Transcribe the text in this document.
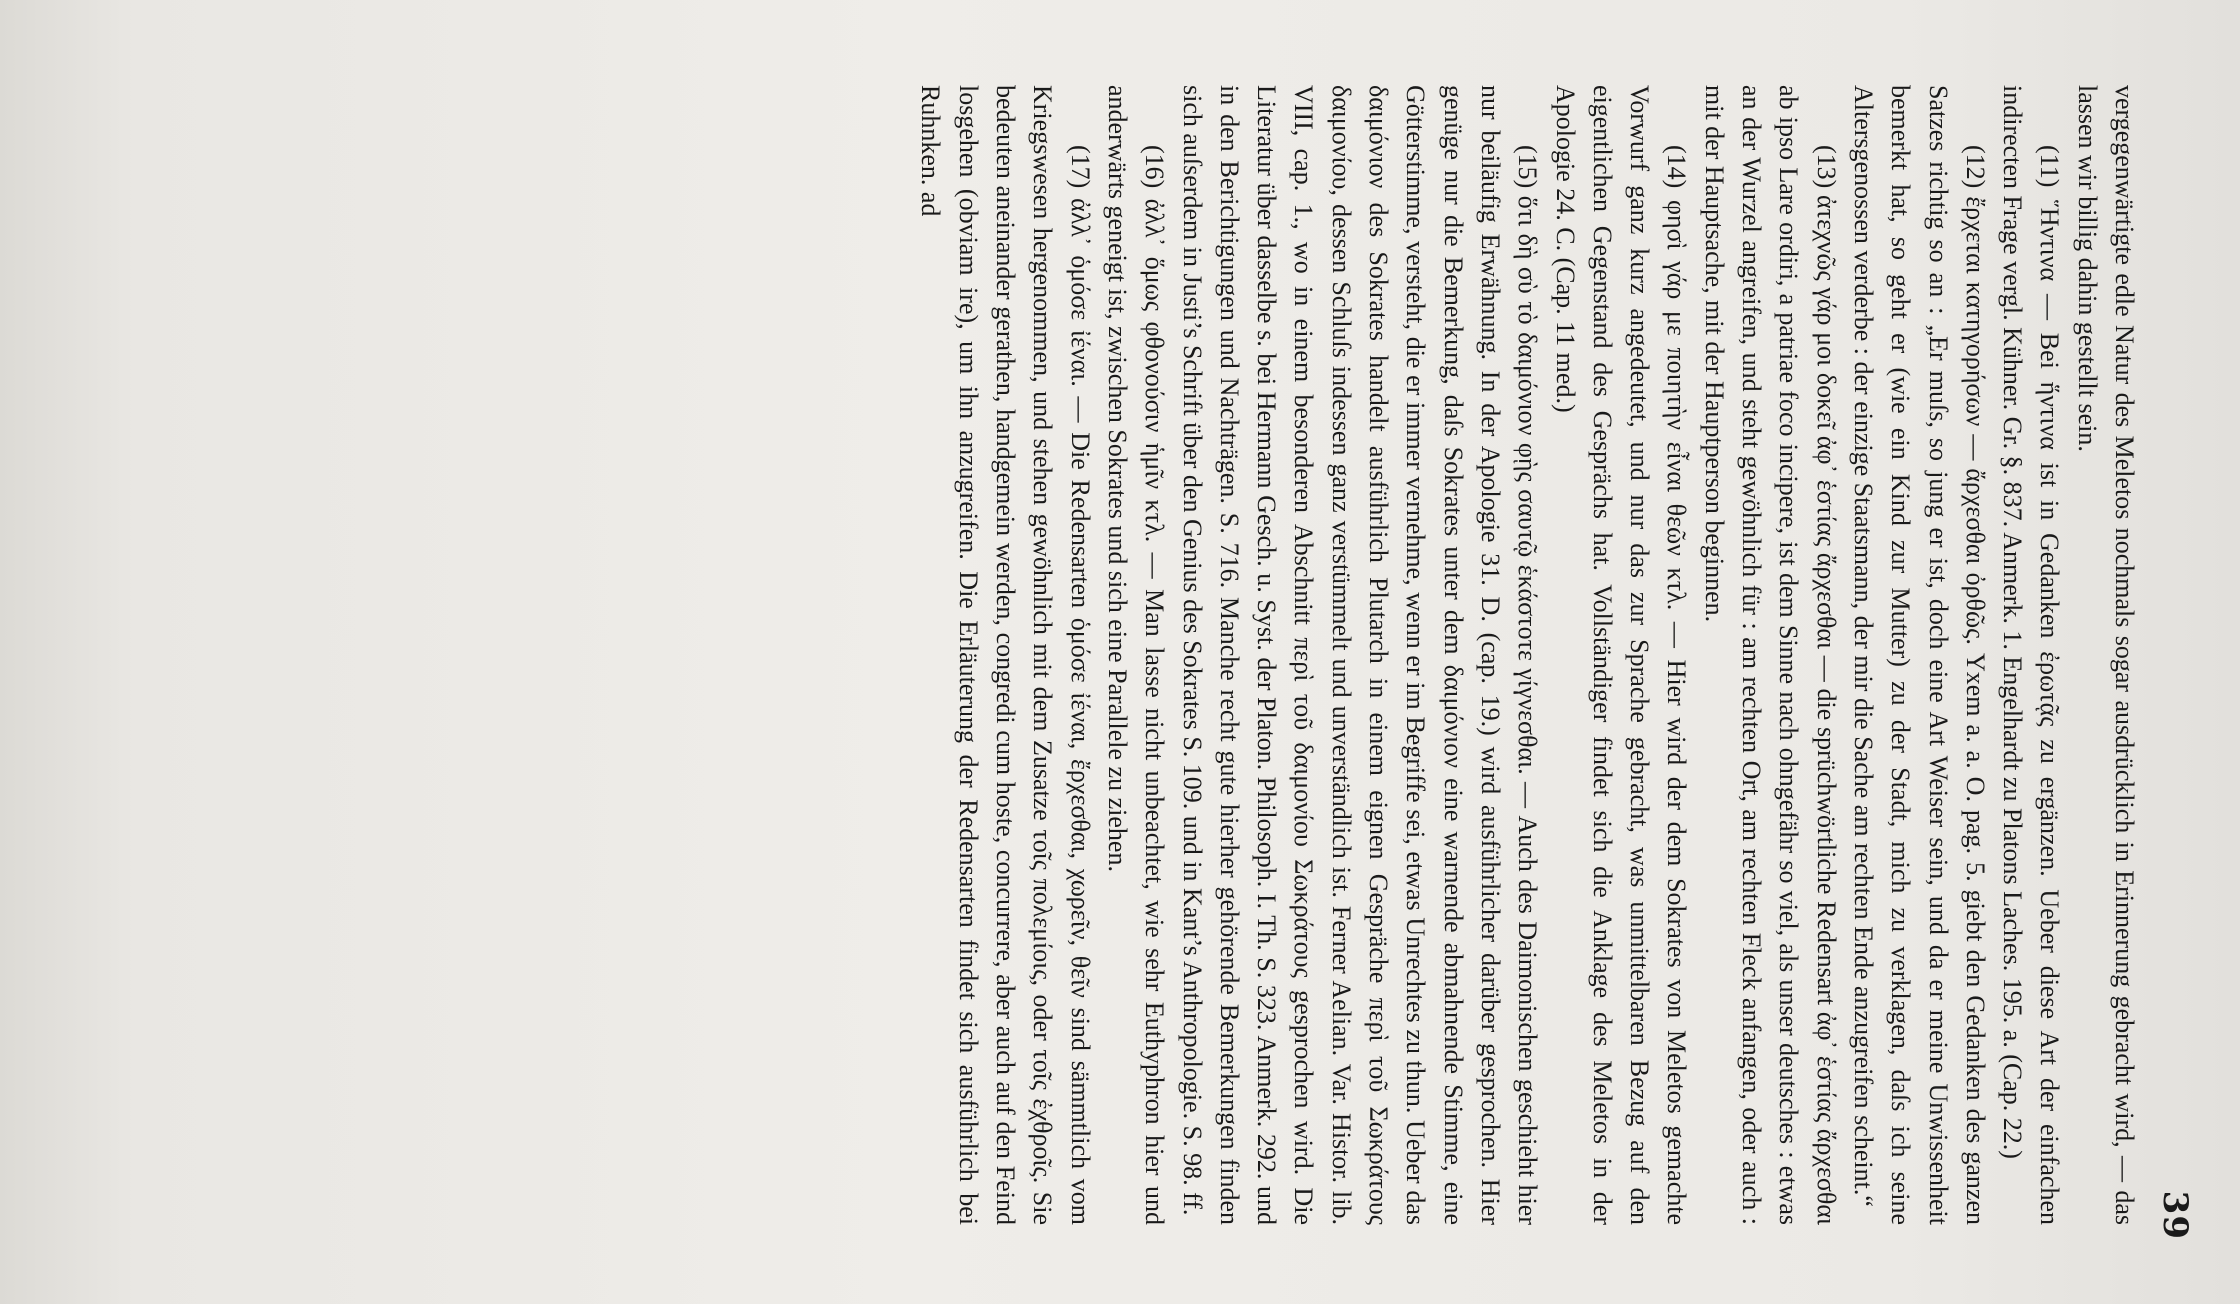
39

vergegenwärtigte edle Natur des Meletos nochmals sogar ausdrücklich in Erinnerung gebracht wird, — das lassen wir billig dahin gestellt sein.

(11) Ἥντινα — Bei ἥντινα ist in Gedanken ἐρωτᾷς zu ergänzen. Ueber diese Art der einfachen indirecten Frage vergl. Kühner. Gr. §. 837. Anmerk. 1. Engelhardt zu Platons Laches. 195. a. (Cap. 22.)

(12) ἔρχεται κατηγορήσων — ἄρχεσθαι ὀρθῶς. Yxem a. a. O. pag. 5. giebt den Gedanken des ganzen Satzes richtig so an : „Er muſs, so jung er ist, doch eine Art Weiser sein, und da er meine Unwissenheit bemerkt hat, so geht er (wie ein Kind zur Mutter) zu der Stadt, mich zu verklagen, daſs ich seine Altersgenossen verderbe : der einzige Staatsmann, der mir die Sache am rechten Ende anzugreifen scheint.“

(13) ἀτεχνῶς γάρ μοι δοκεῖ ἀφ᾽ ἑστίας ἄρχεσθαι — die sprüchwörtliche Redensart ἀφ᾽ ἑστίας ἄρχεσθαι ab ipso Lare ordiri, a patriae foco incipere, ist dem Sinne nach ohngefähr so viel, als unser deutsches : etwas an der Wurzel angreifen, und steht gewöhnlich für : am rechten Ort, am rechten Fleck anfangen, oder auch : mit der Hauptsache, mit der Hauptperson beginnen.

(14) φησὶ γάρ με ποιητὴν εἶναι θεῶν κτλ. — Hier wird der dem Sokrates von Meletos gemachte Vorwurf ganz kurz angedeutet, und nur das zur Sprache gebracht, was unmittelbaren Bezug auf den eigentlichen Gegenstand des Gesprächs hat. Vollständiger findet sich die Anklage des Meletos in der Apologie 24. C. (Cap. 11 med.)

(15) ὅτι δὴ σὺ τὸ δαιμόνιον φῂς σαυτῷ ἑκάστοτε γίγνεσθαι. — Auch des Daimonischen geschieht hier nur beiläufig Erwähnung. In der Apologie 31. D. (cap. 19.) wird ausführlicher darüber gesprochen. Hier genüge nur die Bemerkung, daſs Sokrates unter dem δαιμόνιον eine warnende abmahnende Stimme, eine Götterstimme, versteht, die er immer vernehme, wenn er im Begriffe sei, etwas Unrechtes zu thun. Ueber das δαιμόνιον des Sokrates handelt ausführlich Plutarch in einem eignen Gespräche περὶ τοῦ Σωκράτους δαιμονίου, dessen Schluſs indessen ganz verstümmelt und unverständlich ist. Ferner Aelian. Var. Histor. lib. VIII, cap. 1., wo in einem besonderen Abschnitt περὶ τοῦ δαιμονίου Σωκράτους gesprochen wird. Die Literatur über dasselbe s. bei Hermann Gesch. u. Syst. der Platon. Philosoph. I. Th. S. 323. Anmerk. 292. und in den Berichtigungen und Nachträgen. S. 716. Manche recht gute hierher gehörende Bemerkungen finden sich auſserdem in Justi’s Schrift über den Genius des Sokrates S. 109. und in Kant’s Anthropologie. S. 98. ff.

(16) ἀλλ᾽ ὅμως φθονούσιν ἡμῖν κτλ. — Man lasse nicht unbeachtet, wie sehr Euthyphron hier und anderwärts geneigt ist, zwischen Sokrates und sich eine Parallele zu ziehen.

(17) ἀλλ᾽ ὁμόσε ἰέναι. — Die Redensarten ὁμόσε ἰέναι, ἔρχεσθαι, χωρεῖν, θεῖν sind sämmtlich vom Kriegswesen hergenommen, und stehen gewöhnlich mit dem Zusatze τοῖς πολεμίοις, oder τοῖς ἐχθροῖς. Sie bedeuten aneinander gerathen, handgemein werden, congredi cum hoste, concurrere, aber auch auf den Feind losgehen (obviam ire), um ihn anzugreifen. Die Erläuterung der Redensarten findet sich ausführlich bei Ruhnken. ad
